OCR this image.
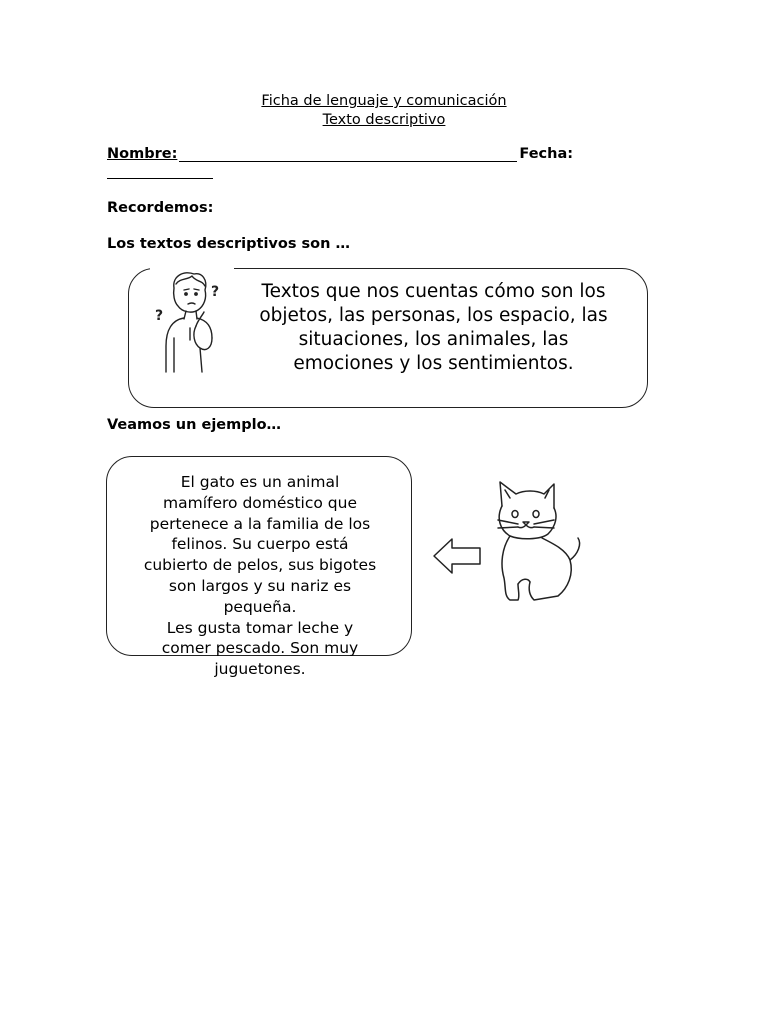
Ficha de lenguaje y comunicación
Texto descriptivo
Nombre:	Fecha:
Recordemos:
Los textos descriptivos son …
?
?	Textos que nos cuentas cómo son los
objetos, las personas, los espacio, las
situaciones, los animales, las
emociones y los sentimientos.
Veamos un ejemplo…
El gato es un animal
mamífero doméstico que
pertenece a la familia de los
felinos. Su cuerpo está
cubierto de pelos, sus bigotes
son largos y su nariz es
pequeña.
Les gusta tomar leche y
comer pescado. Son muy
juguetones.
